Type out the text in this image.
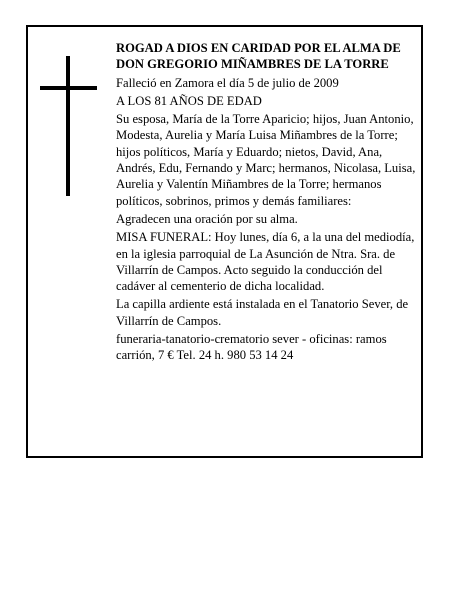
ROGAD A DIOS EN CARIDAD POR EL ALMA DE DON GREGORIO MIÑAMBRES DE LA TORRE

Falleció en Zamora el día 5 de julio de 2009

A LOS 81 AÑOS DE EDAD

Su esposa, María de la Torre Aparicio; hijos, Juan Antonio, Modesta, Aurelia y María Luisa Miñambres de la Torre; hijos políticos, María y Eduardo; nietos, David, Ana, Andrés, Edu, Fernando y Marc; hermanos, Nicolasa, Luisa, Aurelia y Valentín Miñambres de la Torre; hermanos políticos, sobrinos, primos y demás familiares:

Agradecen una oración por su alma.

MISA FUNERAL: Hoy lunes, día 6, a la una del mediodía, en la iglesia parroquial de La Asunción de Ntra. Sra. de Villarrín de Campos. Acto seguido la conducción del cadáver al cementerio de dicha localidad.

La capilla ardiente está instalada en el Tanatorio Sever, de Villarrín de Campos.

funeraria-tanatorio-crematorio sever - oficinas: ramos carrión, 7 € Tel. 24 h. 980 53 14 24
